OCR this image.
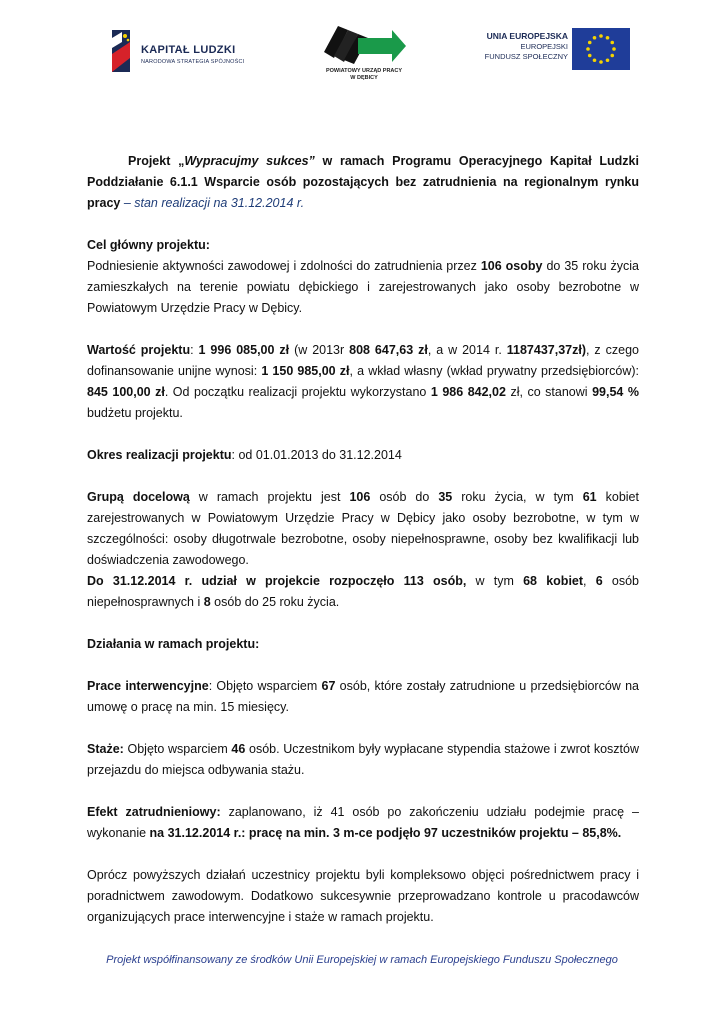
KAPITAŁ LUDZKI
NARODOWA STRATEGIA SPÓJNOŚCI
POWIATOWY URZĄD PRACY
W DĘBICY
UNIA EUROPEJSKA
EUROPEJSKI
FUNDUSZ SPOŁECZNY

Projekt „Wypracujmy sukces” w ramach Programu Operacyjnego Kapitał Ludzki Poddziałanie 6.1.1 Wsparcie osób pozostających bez zatrudnienia na regionalnym rynku pracy – stan realizacji na 31.12.2014 r.

Cel główny projektu:

Podniesienie aktywności zawodowej i zdolności do zatrudnienia przez 106 osoby do 35 roku życia zamieszkałych na terenie powiatu dębickiego i zarejestrowanych jako osoby bezrobotne w Powiatowym Urzędzie Pracy w Dębicy.

Wartość projektu: 1 996 085,00 zł (w 2013r 808 647,63 zł, a w 2014 r. 1187437,37zł), z czego dofinansowanie unijne wynosi: 1 150 985,00 zł, a wkład własny (wkład prywatny przedsiębiorców): 845 100,00 zł. Od początku realizacji projektu wykorzystano 1 986 842,02 zł, co stanowi 99,54 % budżetu projektu.

Okres realizacji projektu: od 01.01.2013 do 31.12.2014

Grupą docelową w ramach projektu jest 106 osób do 35 roku życia, w tym 61 kobiet zarejestrowanych w Powiatowym Urzędzie Pracy w Dębicy jako osoby bezrobotne, w tym w szczególności: osoby długotrwale bezrobotne, osoby niepełnosprawne, osoby bez kwalifikacji lub doświadczenia zawodowego.

Do 31.12.2014 r. udział w projekcie rozpoczęło 113 osób, w tym 68 kobiet, 6 osób niepełnosprawnych i 8 osób do 25 roku życia.

Działania w ramach projektu:

Prace interwencyjne: Objęto wsparciem 67 osób, które zostały zatrudnione u przedsiębiorców na umowę o pracę na min. 15 miesięcy.

Staże: Objęto wsparciem 46 osób. Uczestnikom były wypłacane stypendia stażowe i zwrot kosztów przejazdu do miejsca odbywania stażu.

Efekt zatrudnieniowy: zaplanowano, iż 41 osób po zakończeniu udziału podejmie pracę – wykonanie na 31.12.2014 r.: pracę na min. 3 m-ce podjęło 97 uczestników projektu – 85,8%.

Oprócz powyższych działań uczestnicy projektu byli kompleksowo objęci pośrednictwem pracy i poradnictwem zawodowym. Dodatkowo sukcesywnie przeprowadzano kontrole u pracodawców organizujących prace interwencyjne i staże w ramach projektu.

Projekt współfinansowany ze środków Unii Europejskiej w ramach Europejskiego Funduszu Społecznego
